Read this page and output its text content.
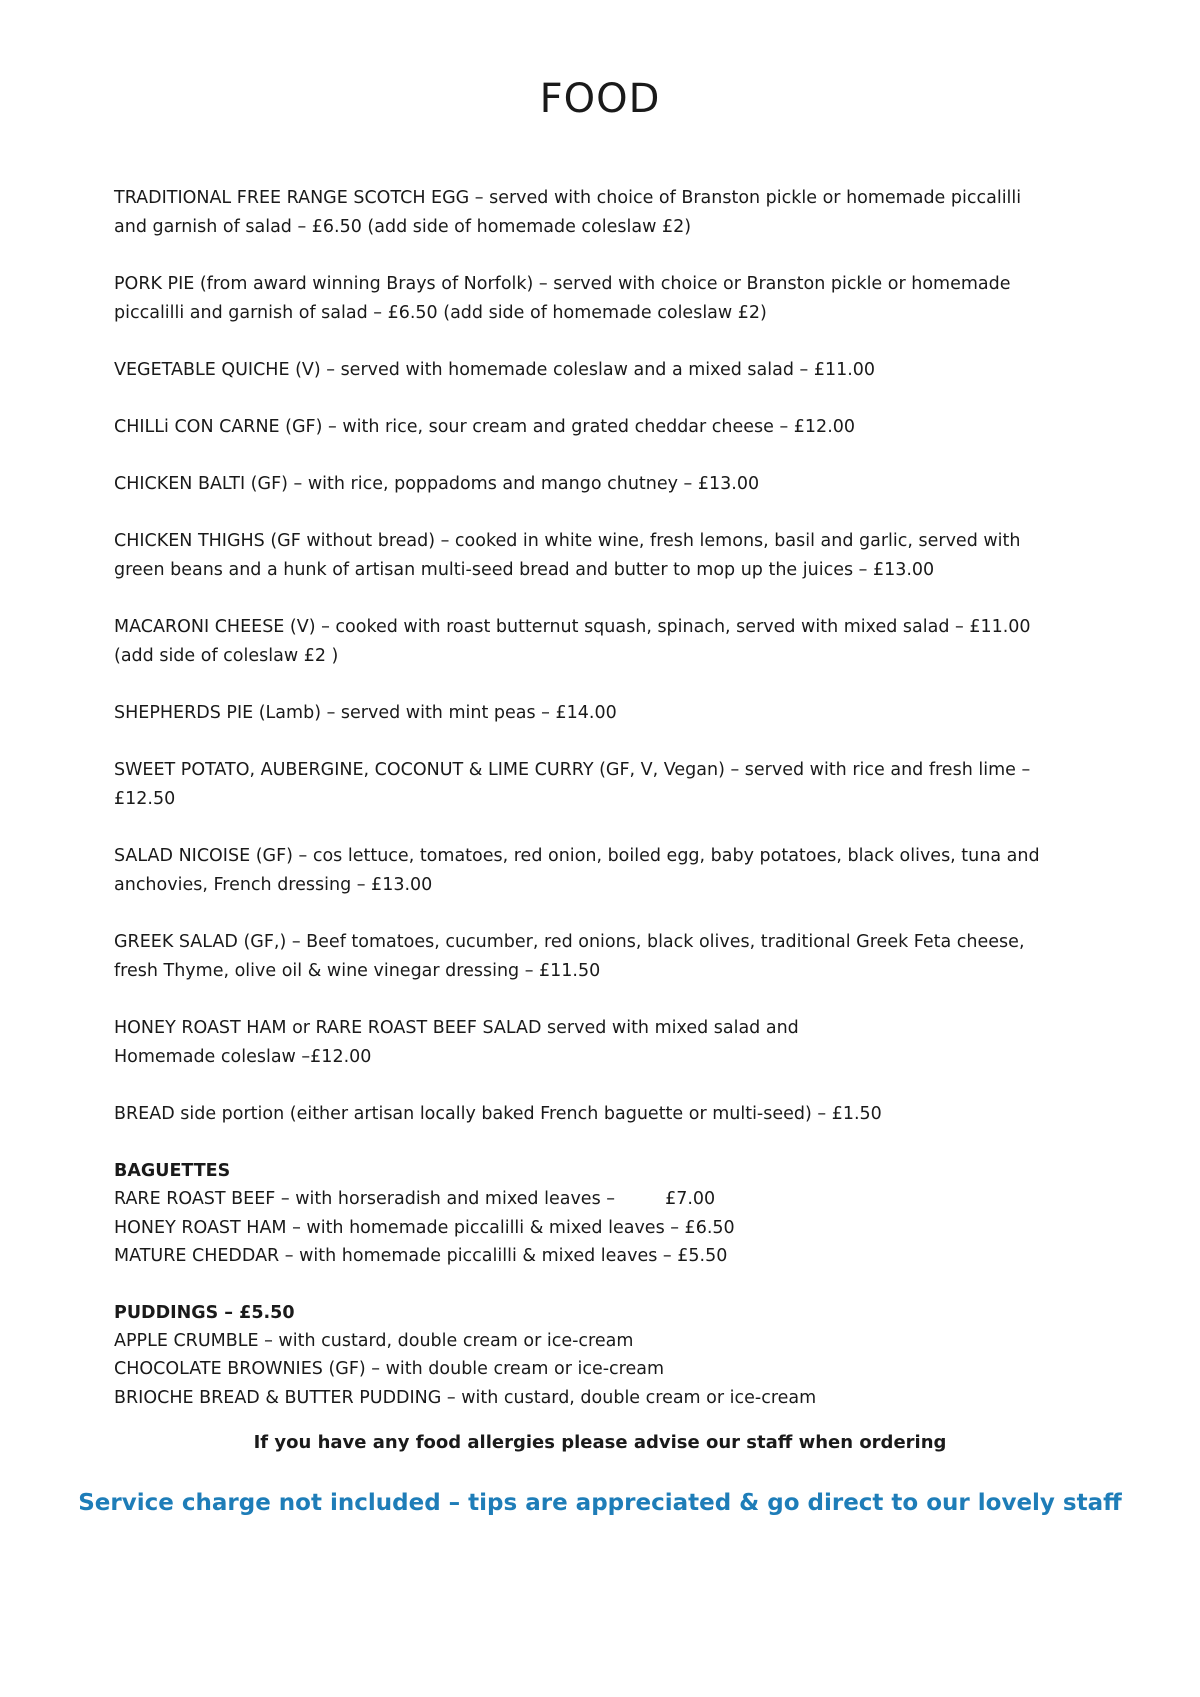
FOOD

TRADITIONAL FREE RANGE SCOTCH EGG – served with choice of Branston pickle or homemade piccalilli

and garnish of salad – £6.50 (add side of homemade coleslaw £2)

PORK PIE (from award winning Brays of Norfolk) – served with choice or Branston pickle or homemade

piccalilli and garnish of salad – £6.50 (add side of homemade coleslaw £2)

VEGETABLE QUICHE (V) – served with homemade coleslaw and a mixed salad – £11.00

CHILLi CON CARNE (GF) – with rice, sour cream and grated cheddar cheese – £12.00

CHICKEN BALTI (GF) – with rice, poppadoms and mango chutney – £13.00

CHICKEN THIGHS (GF without bread) – cooked in white wine, fresh lemons, basil and garlic, served with

green beans and a hunk of artisan multi-seed bread and butter to mop up the juices – £13.00

MACARONI CHEESE (V) – cooked with roast butternut squash, spinach, served with mixed salad – £11.00

(add side of coleslaw £2 )

SHEPHERDS PIE (Lamb) – served with mint peas – £14.00

SWEET POTATO, AUBERGINE, COCONUT & LIME CURRY (GF, V, Vegan) – served with rice and fresh lime –

£12.50

SALAD NICOISE (GF) – cos lettuce, tomatoes, red onion, boiled egg, baby potatoes, black olives, tuna and

anchovies, French dressing – £13.00

GREEK SALAD (GF,) – Beef tomatoes, cucumber, red onions, black olives, traditional Greek Feta cheese,

fresh Thyme, olive oil & wine vinegar dressing – £11.50

HONEY ROAST HAM or RARE ROAST BEEF SALAD served with mixed salad and

Homemade coleslaw –£12.00

BREAD side portion (either artisan locally baked French baguette or multi-seed) – £1.50

BAGUETTES

RARE ROAST BEEF – with horseradish and mixed leaves –         £7.00

HONEY ROAST HAM – with homemade piccalilli & mixed leaves – £6.50

MATURE CHEDDAR – with homemade piccalilli & mixed leaves – £5.50

PUDDINGS – £5.50

APPLE CRUMBLE – with custard, double cream or ice-cream

CHOCOLATE BROWNIES (GF) – with double cream or ice-cream

BRIOCHE BREAD & BUTTER PUDDING – with custard, double cream or ice-cream

If you have any food allergies please advise our staff when ordering

Service charge not included – tips are appreciated & go direct to our lovely staff
